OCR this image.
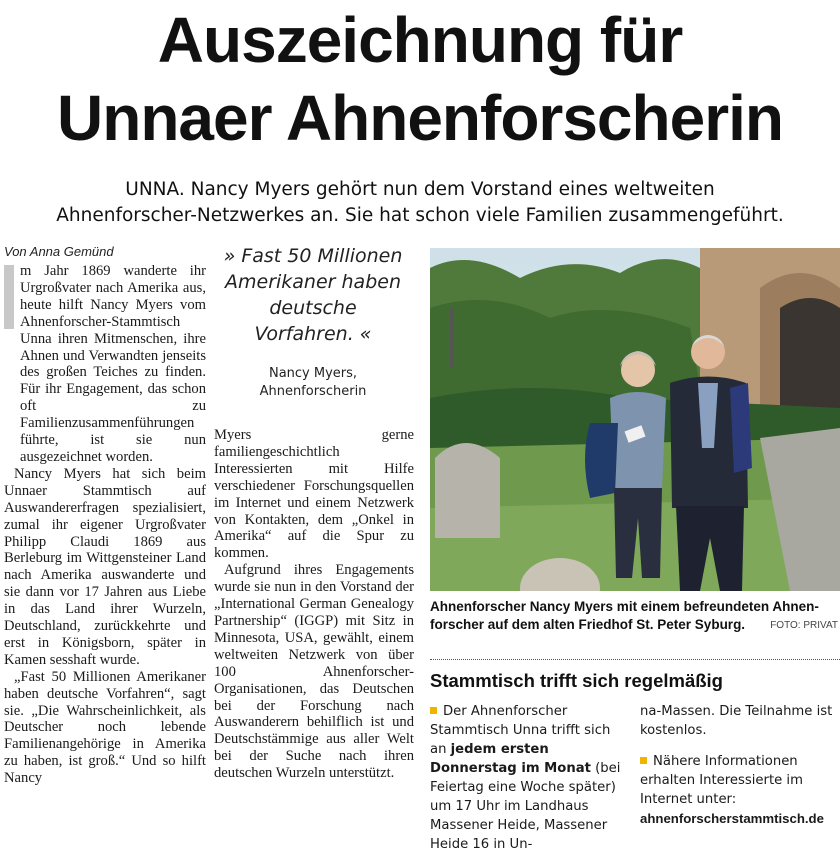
Auszeichnung für
Unnaer Ahnenforscherin
UNNA. Nancy Myers gehört nun dem Vorstand eines weltweiten
Ahnenforscher-Netzwerkes an. Sie hat schon viele Familien zusammengeführt.
Von Anna Gemünd

m Jahr 1869 wanderte ihr Urgroßvater nach Amerika aus, heute hilft Nancy Myers vom Ahnenforscher-Stammtisch Unna ihren Mitmenschen, ihre Ahnen und Verwandten jenseits des großen Teiches zu finden. Für ihr Engagement, das schon oft zu Familienzusammenführungen führte, ist sie nun ausgezeichnet worden.

Nancy Myers hat sich beim Unnaer Stammtisch auf Auswandererfragen spezialisiert, zumal ihr eigener Urgroßvater Philipp Claudi 1869 aus Berleburg im Wittgensteiner Land nach Amerika auswanderte und sie dann vor 17 Jahren aus Liebe in das Land ihrer Wurzeln, Deutschland, zurückkehrte und erst in Königsborn, später in Kamen sesshaft wurde.

„Fast 50 Millionen Amerikaner haben deutsche Vorfahren“, sagt sie. „Die Wahrscheinlichkeit, als Deutscher noch lebende Familienangehörige in Amerika zu haben, ist groß.“ Und so hilft Nancy

» Fast 50 Millionen
Amerikaner haben
deutsche
Vorfahren. «
Nancy Myers,
Ahnenforscherin

Myers gerne familiengeschichtlich Interessierten mit Hilfe verschiedener Forschungsquellen im Internet und einem Netzwerk von Kontakten, dem „Onkel in Amerika“ auf die Spur zu kommen.

Aufgrund ihres Engagements wurde sie nun in den Vorstand der „International German Genealogy Partnership“ (IGGP) mit Sitz in Minnesota, USA, gewählt, einem weltweiten Netzwerk von über 100 Ahnenforscher-Organisationen, das Deutschen bei der Forschung nach Auswanderern behilflich ist und Deutschstämmige aus aller Welt bei der Suche nach ihren deutschen Wurzeln unterstützt.

Ahnenforscher Nancy Myers mit einem befreundeten Ahnen-
forscher auf dem alten Friedhof St. Peter Syburg.	FOTO: PRIVAT
Stammtisch trifft sich regelmäßig
Der Ahnenforscher Stammtisch Unna trifft sich an jedem ersten Donnerstag im Monat (bei Feiertag eine Woche später) um 17 Uhr im Landhaus Massener Heide, Massener Heide 16 in Un-
na-Massen. Die Teilnahme ist kostenlos.
Nähere Informationen erhalten Interessierte im Internet unter:
ahnenforscherstammtisch.de
